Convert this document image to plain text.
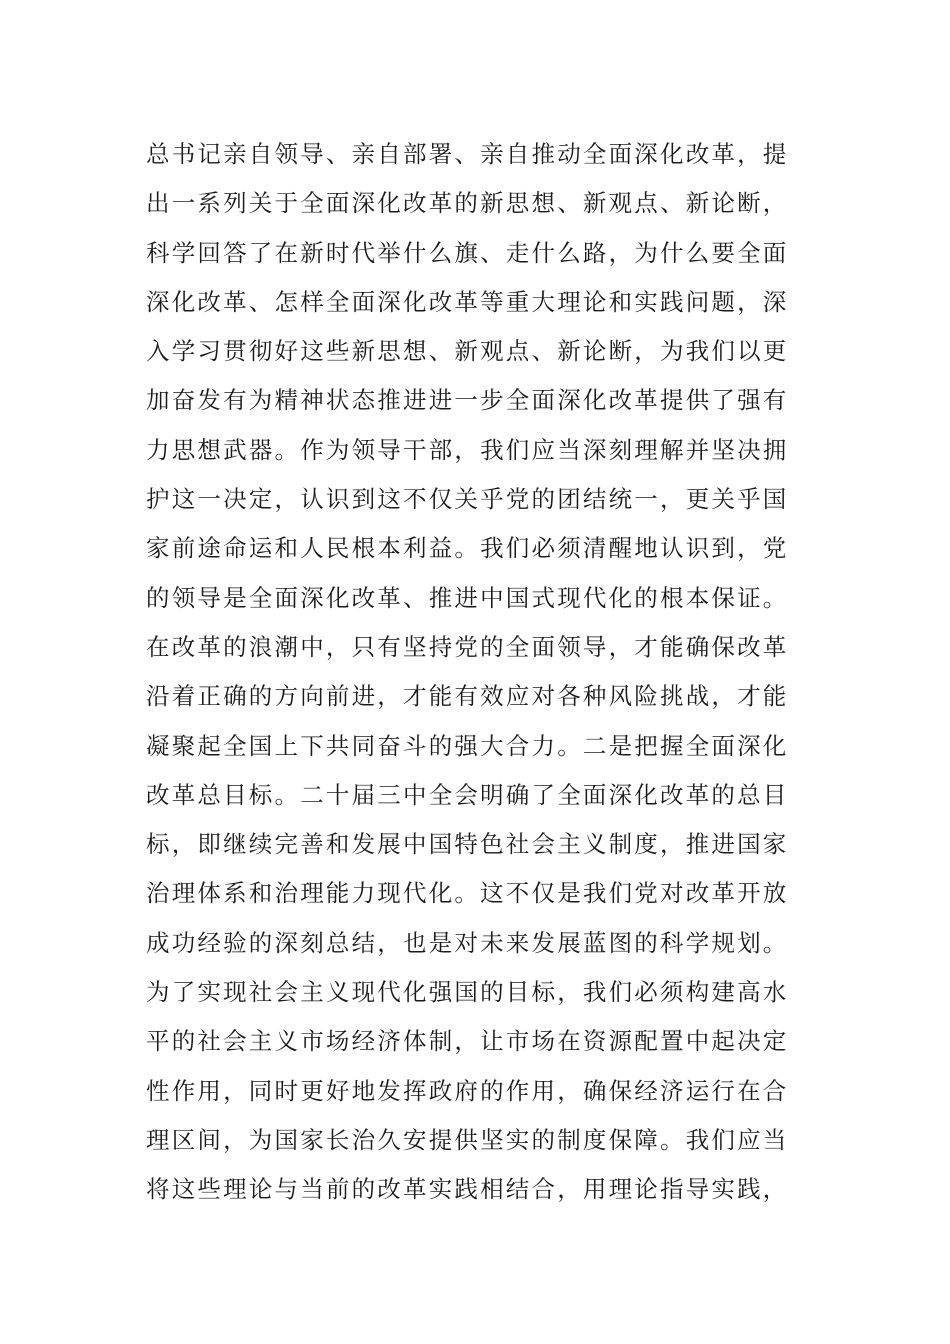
总书记亲自领导、亲自部署、亲自推动全面深化改革，提
出一系列关于全面深化改革的新思想、新观点、新论断，
科学回答了在新时代举什么旗、走什么路，为什么要全面
深化改革、怎样全面深化改革等重大理论和实践问题，深
入学习贯彻好这些新思想、新观点、新论断，为我们以更
加奋发有为精神状态推进进一步全面深化改革提供了强有
力思想武器。作为领导干部，我们应当深刻理解并坚决拥
护这一决定，认识到这不仅关乎党的团结统一，更关乎国
家前途命运和人民根本利益。我们必须清醒地认识到，党
的领导是全面深化改革、推进中国式现代化的根本保证。
在改革的浪潮中，只有坚持党的全面领导，才能确保改革
沿着正确的方向前进，才能有效应对各种风险挑战，才能
凝聚起全国上下共同奋斗的强大合力。二是把握全面深化
改革总目标。二十届三中全会明确了全面深化改革的总目
标，即继续完善和发展中国特色社会主义制度，推进国家
治理体系和治理能力现代化。这不仅是我们党对改革开放
成功经验的深刻总结，也是对未来发展蓝图的科学规划。
为了实现社会主义现代化强国的目标，我们必须构建高水
平的社会主义市场经济体制，让市场在资源配置中起决定
性作用，同时更好地发挥政府的作用，确保经济运行在合
理区间，为国家长治久安提供坚实的制度保障。我们应当
将这些理论与当前的改革实践相结合，用理论指导实践，
